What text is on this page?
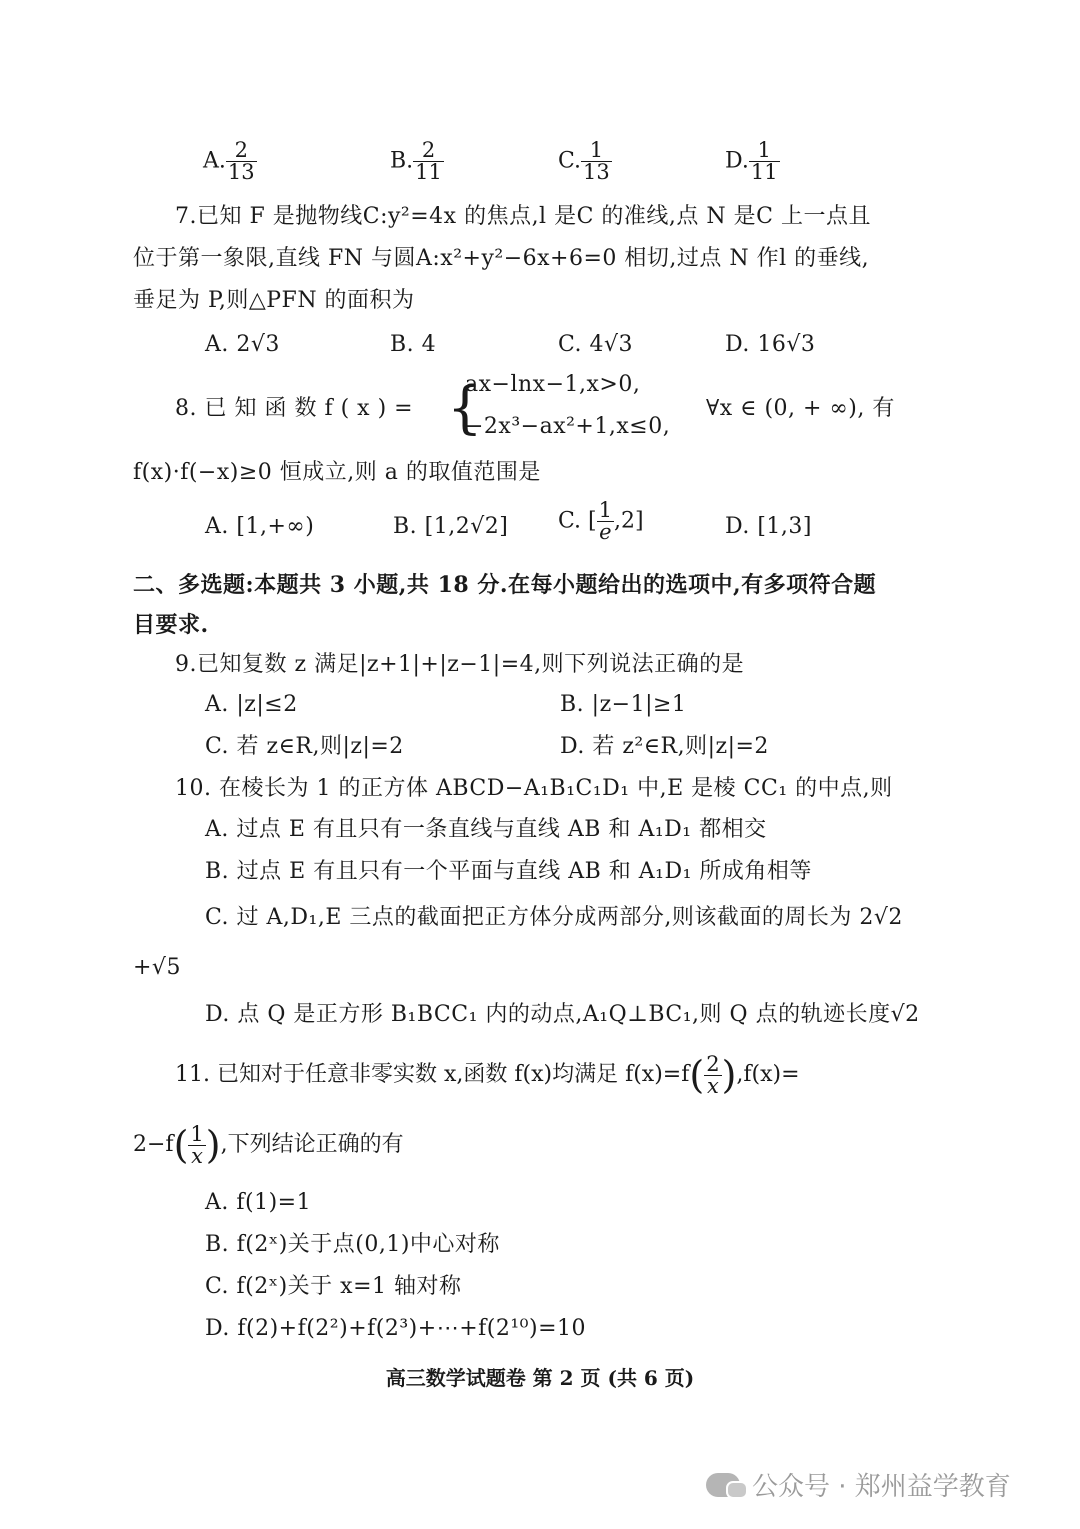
A. $\frac{2}{13}$	B. $\frac{2}{11}$	C. $\frac{1}{13}$	D. $\frac{1}{11}$
7.已知 F 是抛物线C:y²=4x 的焦点,l 是C 的准线,点 N 是C 上一点且
位于第一象限,直线 FN 与圆A:x²+y²−6x+6=0 相切,过点 N 作l 的垂线,
垂足为 P,则△PFN 的面积为
A. 2√3	B. 4	C. 4√3	D. 16√3
8. 已 知 函 数 f ( x ) = {
ax−lnx−1,x>0,
−2x³−ax²+1,x≤0,
∀x ∈ (0, + ∞), 有
f(x)·f(−x)≥0 恒成立,则 a 的取值范围是
A. [1,+∞)	B. [1,2√2] C. [ $\frac{1}{e} ,2$]	D. [1,3]
二、多选题:本题共 3 小题,共 18 分.在每小题给出的选项中,有多项符合题
目要求.
9.已知复数 z 满足|z+1|+|z−1|=4,则下列说法正确的是
A. |z|≤2	B. |z−1|≥1
C. 若 z∈R,则|z|=2	D. 若 z²∈R,则|z|=2
10. 在棱长为 1 的正方体 ABCD−A₁B₁C₁D₁ 中,E 是棱 CC₁ 的中点,则
A. 过点 E 有且只有一条直线与直线 AB 和 A₁D₁ 都相交
B. 过点 E 有且只有一个平面与直线 AB 和 A₁D₁ 所成角相等
C. 过 A,D₁,E 三点的截面把正方体分成两部分,则该截面的周长为 2√2
+√5
D. 点 Q 是正方形 B₁BCC₁ 内的动点,A₁Q⊥BC₁,则 Q 点的轨迹长度√2
11. 已知对于任意非零实数 x,函数 f(x)均满足 $f(x)=f( \frac{2}{x} ),f(x)=$
$2-f( \frac{1}{x}$ ),下列结论正确的有
A. f(1)=1
B. f(2ˣ)关于点(0,1)中心对称
C. f(2ˣ)关于 x=1 轴对称
D. f(2)+f(2²)+f(2³)+⋯+f(2¹⁰)=10
高三数学试题卷 第 2 页 (共 6 页)
公众号 · 郑州益学教育
